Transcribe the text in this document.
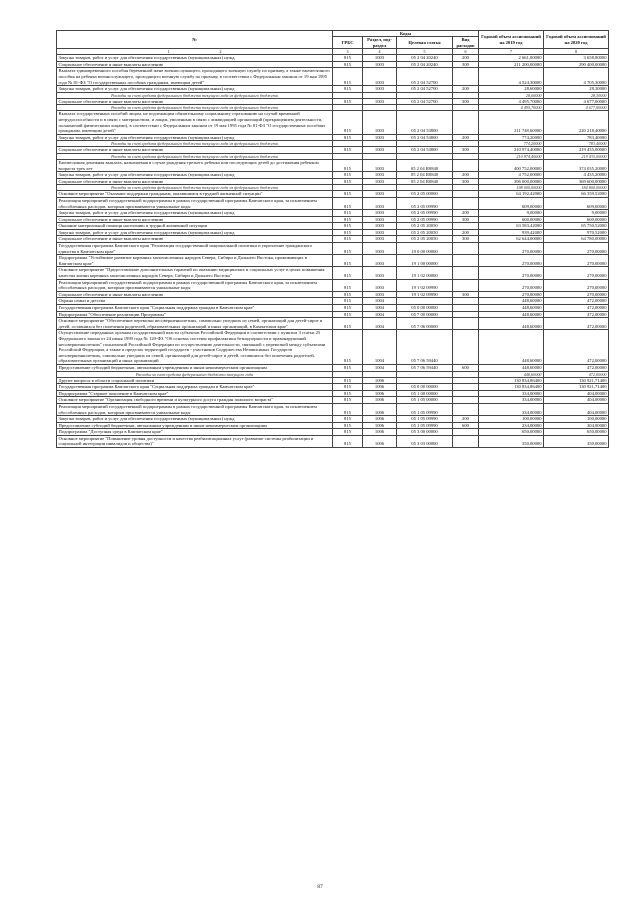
№	Коды				Годовой объем ассигнований на 2019 год	Годовой объем ассигнований на 2020 год
	ГРБС	Раздел, под-раздел	Целевая статья	Вид расходов		
1 2	3	4	5	6	7	8
Закупка товаров, работ и услуг для обеспечения государственных (муниципальных) нужд	815	1003	05 2 04 20240	200	2 661,00000	3 658,80000
Социальное обеспечение и иные выплаты населению	815	1003	05 2 04 20240	300	211 200,00000	290 400,00000
Выплата единовременного пособия беременной жене военнослужащего, проходящего военную службу по призыву, а также ежемесячного пособия на ребенка военнослужащего, проходящего военную службу по призыву, в соответствии с Федеральным законом от 19 мая 1995 года № 81-ФЗ "О государственных пособиях гражданам, имеющим детей"	815	1003	05 2 04 52700		4 524,30000	4 705,30000
Закупка товаров, работ и услуг для обеспечения государственных (муниципальных) нужд	815	1003	05 2 04 52700	200	28,60000	28,30000
Расходы за счет средств федерального бюджета текущего года из федерального бюджета					28,60000	28,30000
Социальное обеспечение и иные выплаты населению	815	1003	05 2 04 52700	300	4 495,70000	4 677,00000
Расходы за счет средств федерального бюджета текущего года из федерального бюджета					4 495,70000	4 677,00000
Выплата государственных пособий лицам, не подлежащим обязательному социальному страхованию на случай временной нетрудоспособности и в связи с материнством, и лицам, уволенным в связи с ликвидацией организаций (прекращением деятельности, полномочий физическими лицами), в соответствии с Федеральным законом от 19 мая 1995 года № 81-ФЗ "О государственных пособиях гражданам, имеющим детей"	815	1003	05 2 04 53800		211 748,60000	220 218,40000
Закупка товаров, работ и услуг для обеспечения государственных (муниципальных) нужд	815	1003	05 2 04 53800	200	774,20000	783,40000
Расходы за счет средств федерального бюджета текущего года из федерального бюджета					774,20000	783,40000
Социальное обеспечение и иные выплаты населению	815	1003	05 2 04 53800	300	210 974,40000	219 435,00000
Расходы за счет средств федерального бюджета текущего года из федерального бюджета					210 974,40000	219 435,00000
Ежемесячная денежная выплата, назначаемая в случае рождения третьего ребенка или последующих детей до достижения ребенком возраста трех лет	815	1003	05 2 04 R0840		400 752,00000	374 035,20000
Закупка товаров, работ и услуг для обеспечения государственных (муниципальных) нужд	815	1003	05 2 04 R0840	200	4 752,00000	4 435,20000
Социальное обеспечение и иные выплаты населению	815	1003	05 2 04 R0840	300	396 000,00000	369 600,00000
Расходы за счет средств федерального бюджета текущего года из федерального бюджета					198 000,00000	184 800,00000
Основное мероприятие "Оказание поддержки гражданам, оказавшимся в трудной жизненной ситуации"	815	1003	05 2 05 00000		64 192,42000	66 359,52000
Реализация мероприятий государственной подпрограммы в рамках государственной программы Камчатского края, за исключением обособленных расходов, которым присваиваются уникальные коды	815	1003	05 2 05 09990		609,00000	609,00000
Закупка товаров, работ и услуг для обеспечения государственных (муниципальных) нужд	815	1003	05 2 05 09990	200	9,00000	9,00000
Социальное обеспечение и иные выплаты населению	815	1003	05 2 05 09990	300	600,00000	600,00000
Оказание материальной помощи населению в трудной жизненной ситуации	815	1003	05 2 05 20050		63 583,42000	65 750,52000
Закупка товаров, работ и услуг для обеспечения государственных (муниципальных) нужд	815	1003	05 2 05 20050	200	939,42000	970,52000
Социальное обеспечение и иные выплаты населению	815	1003	05 2 05 20050	300	62 644,00000	64 780,00000
Государственная программа Камчатского края "Реализация государственной национальной политики и укрепление гражданского единства в Камчатском крае"	815	1003	19 0 00 00000		270,00000	270,00000
Подпрограмма "Устойчивое развитие коренных малочисленных народов Севера, Сибири и Дальнего Востока, проживающих в Камчатском крае"	815	1003	19 1 00 00000		270,00000	270,00000
Основное мероприятие "Предоставление дополнительных гарантий по оказанию медицинских и социальных услуг в целях повышения качества жизни коренных малочисленных народов Севера, Сибири и Дальнего Востока"	815	1003	19 1 02 00000		270,00000	270,00000
Реализация мероприятий государственной подпрограммы в рамках государственной программы Камчатского края, за исключением обособленных расходов, которым присваиваются уникальные коды	815	1003	19 1 02 09990		270,00000	270,00000
Социальное обеспечение и иные выплаты населению	815	1003	19 1 02 09990	300	270,00000	270,00000
Охрана семьи и детства	815	1004			448,60000	472,00000
Государственная программа Камчатского края "Социальная поддержка граждан в Камчатском крае"	815	1004	05 0 00 00000		448,60000	472,00000
Подпрограмма "Обеспечение реализации Программы"	815	1004	05 7 00 00000		448,60000	472,00000
Основное мероприятие "Обеспечение перевозки несовершеннолетних, самовольно ушедших из семей, организаций для детей-сирот и детей, оставшихся без попечения родителей, образовательных организаций и иных организаций, в Камчатском крае"	815	1004	05 7 06 00000		448,60000	472,00000
Осуществление переданных органам государственной власти субъектов Российской Федерации в соответствии с пунктом 3 статьи 25 Федерального закона от 24 июня 1999 года № 120-ФЗ "Об основах системы профилактики безнадзорности и правонарушений несовершеннолетних" полномочий Российской Федерации по осуществлению деятельности, связанной с перевозкой между субъектами Российской Федерации, а также в пределах территорий государств - участников Содружества Независимых Государств несовершеннолетних, самовольно ушедших из семей, организаций для детей-сирот и детей, оставшихся без попечения родителей, образовательных организаций и иных организаций	815	1004	05 7 06 59440		448,60000	472,00000
Предоставление субсидий бюджетным, автономным учреждениям и иным некоммерческим организациям	815	1004	05 7 06 59440	600	448,60000	472,00000
Расходы за счет средств федерального бюджета текущего года					448,60000	472,00000
Другие вопросы в области социальной политики	815	1006			130 834,86400	130 921,71400
Государственная программа Камчатского края "Социальная поддержка граждан в Камчатском крае"	815	1006	05 0 00 00000		130 834,86400	130 921,71400
Подпрограмма "Старшее поколение в Камчатском крае"	815	1006	05 1 00 00000		334,00000	404,00000
Основное мероприятие "Организация свободного времени и культурного досуга граждан пожилого возраста"	815	1006	05 1 05 00000		334,00000	404,00000
Реализация мероприятий государственной подпрограммы в рамках государственной программы Камчатского края, за исключением обособленных расходов, которым присваиваются уникальные коды	815	1006	05 1 05 09990		334,00000	404,00000
Закупка товаров, работ и услуг для обеспечения государственных (муниципальных) нужд	815	1006	05 1 05 09990	200	100,00000	100,00000
Предоставление субсидий бюджетным, автономным учреждениям и иным некоммерческим организациям	815	1006	05 1 05 09990	600	234,00000	304,00000
Подпрограмма "Доступная среда в Камчатском крае"	815	1006	05 3 00 00000		650,00000	650,00000
Основное мероприятие "Повышение уровня доступности и качества реабилитационных услуг (развитие системы реабилитации и социальной интеграции инвалидов и общества)"	815	1006	05 3 03 00000		350,00000	350,00000
87
